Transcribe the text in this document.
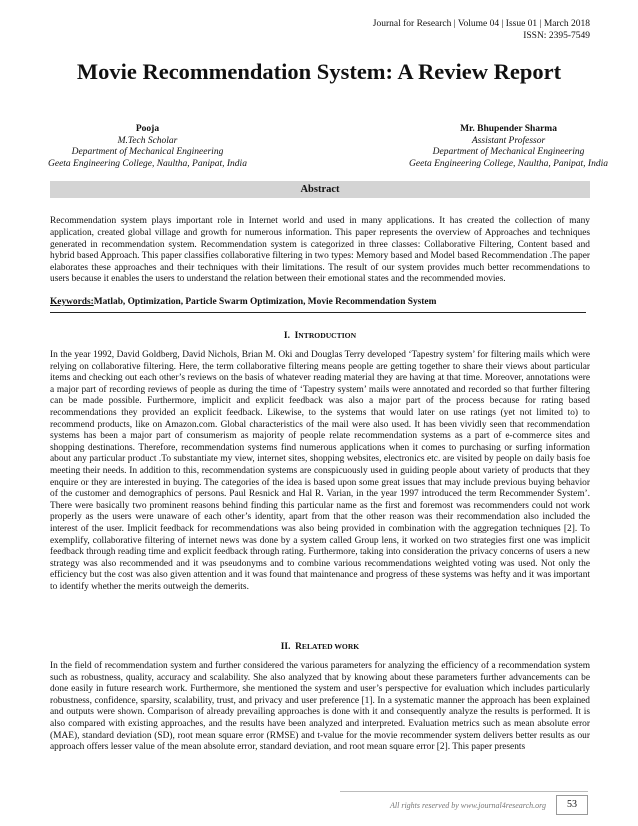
Journal for Research | Volume 04 | Issue 01 | March 2018
ISSN: 2395-7549
Movie Recommendation System: A Review Report
Pooja
M.Tech Scholar
Department of Mechanical Engineering
Geeta Engineering College, Naultha, Panipat, India
Mr. Bhupender Sharma
Assistant Professor
Department of Mechanical Engineering
Geeta Engineering College, Naultha, Panipat, India
Abstract

Recommendation system plays important role in Internet world and used in many applications. It has created the collection of many application, created global village and growth for numerous information. This paper represents the overview of Approaches and techniques generated in recommendation system. Recommendation system is categorized in three classes: Collaborative Filtering, Content based and hybrid based Approach. This paper classifies collaborative filtering in two types: Memory based and Model based Recommendation .The paper elaborates these approaches and their techniques with their limitations. The result of our system provides much better recommendations to users because it enables the users to understand the relation between their emotional states and the recommended movies.

Keywords:Matlab, Optimization, Particle Swarm Optimization, Movie Recommendation System
I. INTRODUCTION

In the year 1992, David Goldberg, David Nichols, Brian M. Oki and Douglas Terry developed ‘Tapestry system’ for filtering mails which were relying on collaborative filtering. Here, the term collaborative filtering means people are getting together to share their views about particular items and checking out each other’s reviews on the basis of whatever reading material they are having at that time. Moreover, annotations were a major part of recording reviews of people as during the time of ‘Tapestry system’ mails were annotated and recorded so that further filtering can be made possible. Furthermore, implicit and explicit feedback was also a major part of the process because for rating based recommendations they provided an explicit feedback. Likewise, to the systems that would later on use ratings (yet not limited to) to recommend products, like on Amazon.com. Global characteristics of the mail were also used. It has been vividly seen that recommendation systems has been a major part of consumerism as majority of people relate recommendation systems as a part of e-commerce sites and shopping destinations. Therefore, recommendation systems find numerous applications when it comes to purchasing or surfing information about any particular product .To substantiate my view, internet sites, shopping websites, electronics etc. are visited by people on daily basis foe meeting their needs. In addition to this, recommendation systems are conspicuously used in guiding people about variety of products that they enquire or they are interested in buying. The categories of the idea is based upon some great issues that may include previous buying behavior of the customer and demographics of persons. Paul Resnick and Hal R. Varian, in the year 1997 introduced the term Recommender System’. There were basically two prominent reasons behind finding this particular name as the first and foremost was recommenders could not work properly as the users were unaware of each other’s identity, apart from that the other reason was their recommendation also included the interest of the user. Implicit feedback for recommendations was also being provided in combination with the aggregation techniques [2]. To exemplify, collaborative filtering of internet news was done by a system called Group lens, it worked on two strategies first one was implicit feedback through reading time and explicit feedback through rating. Furthermore, taking into consideration the privacy concerns of users a new strategy was also recommended and it was pseudonyms and to combine various recommendations weighted voting was used. Not only the efficiency but the cost was also given attention and it was found that maintenance and progress of these systems was hefty and it was important to identify whether the merits outweigh the demerits.

II. RELATED WORK

In the field of recommendation system and further considered the various parameters for analyzing the efficiency of a recommendation system such as robustness, quality, accuracy and scalability. She also analyzed that by knowing about these parameters further advancements can be done easily in future research work. Furthermore, she mentioned the system and user’s perspective for evaluation which includes particularly robustness, confidence, sparsity, scalability, trust, and privacy and user preference [1]. In a systematic manner the approach has been explained and outputs were shown. Comparison of already prevailing approaches is done with it and consequently analyze the results is performed. It is also compared with existing approaches, and the results have been analyzed and interpreted. Evaluation metrics such as mean absolute error (MAE), standard deviation (SD), root mean square error (RMSE) and t-value for the movie recommender system delivers better results as our approach offers lesser value of the mean absolute error, standard deviation, and root mean square error [2]. This paper presents

All rights reserved by www.journal4research.org	53
